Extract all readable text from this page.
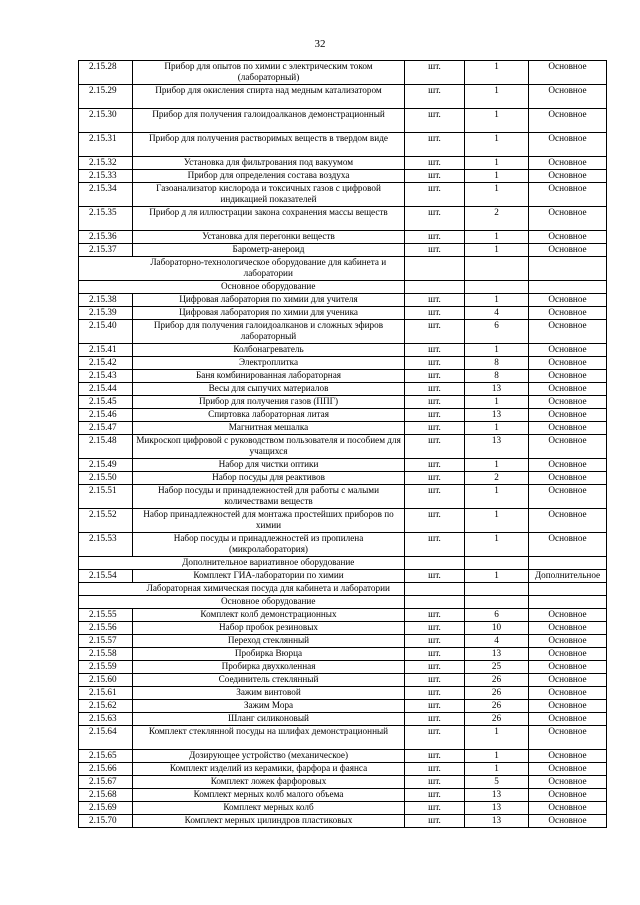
32
2.15.28	Прибор для опытов по химии с электрическим током (лабораторный)	шт.	1	Основное
2.15.29	Прибор для окисления спирта над медным катализатором	шт.	1	Основное
2.15.30	Прибор для получения галоидоалканов демонстрационный	шт.	1	Основное
2.15.31	Прибор для получения растворимых веществ в твердом виде	шт.	1	Основное
2.15.32	Установка для фильтрования под вакуумом	шт.	1	Основное
2.15.33	Прибор для определения состава воздуха	шт.	1	Основное
2.15.34	Газоанализатор кислорода и токсичных газов с цифровой индикацией показателей	шт.	1	Основное
2.15.35	Прибор д ля иллюстрации закона сохранения массы веществ	шт.	2	Основное
2.15.36	Установка для перегонки веществ	шт.	1	Основное
2.15.37	Барометр-анероид	шт.	1	Основное
	Лабораторно-технологическое оборудование для кабинета и лаборатории			
	Основное оборудование			
2.15.38	Цифровая лаборатория по химии для учителя	шт.	1	Основное
2.15.39	Цифровая лаборатория по химии для ученика	шт.	4	Основное
2.15.40	Прибор для получения галоидоалканов и сложных эфиров лабораторный	шт.	6	Основное
2.15.41	Колбонагреватель	шт.	1	Основное
2.15.42	Электроплитка	шт.	8	Основное
2.15.43	Баня комбинированная лабораторная	шт.	8	Основное
2.15.44	Весы для сыпучих материалов	шт.	13	Основное
2.15.45	Прибор для получения газов (ППГ)	шт.	1	Основное
2.15.46	Спиртовка лабораторная литая	шт.	13	Основное
2.15.47	Магнитная мешалка	шт.	1	Основное
2.15.48	Микроскоп цифровой с руководством пользователя и пособием для учащихся	шт.	13	Основное
2.15.49	Набор для чистки оптики	шт.	1	Основное
2.15.50	Набор посуды для реактивов	шт.	2	Основное
2.15.51	Набор посуды и принадлежностей для работы с малыми количествами веществ	шт.	1	Основное
2.15.52	Набор принадлежностей для монтажа простейших приборов по химии	шт.	1	Основное
2.15.53	Набор посуды и принадлежностей из пропилена (микролаборатория)	шт.	1	Основное
	Дополнительное вариативное оборудование			
2.15.54	Комплект ГИА-лаборатории по химии	шт.	1	Дополнительное
	Лабораторная химическая посуда для кабинета и лаборатории			
	Основное оборудование			
2.15.55	Комплект колб демонстрационных	шт.	6	Основное
2.15.56	Набор пробок резиновых	шт.	10	Основное
2.15.57	Переход стеклянный	шт.	4	Основное
2.15.58	Пробирка Вюрца	шт.	13	Основное
2.15.59	Пробирка двухколенная	шт.	25	Основное
2.15.60	Соединитель стеклянный	шт.	26	Основное
2.15.61	Зажим винтовой	шт.	26	Основное
2.15.62	Зажим Мора	шт.	26	Основное
2.15.63	Шланг силиконовый	шт.	26	Основное
2.15.64	Комплект стеклянной посуды на шлифах демонстрационный	шт.	1	Основное
2.15.65	Дозирующее устройство (механическое)	шт.	1	Основное
2.15.66	Комплект изделий из керамики, фарфора и фаянса	шт.	1	Основное
2.15.67	Комплект ложек фарфоровых	шт.	5	Основное
2.15.68	Комплект мерных колб малого объема	шт.	13	Основное
2.15.69	Комплект мерных колб	шт.	13	Основное
2.15.70	Комплект мерных цилиндров пластиковых	шт.	13	Основное
